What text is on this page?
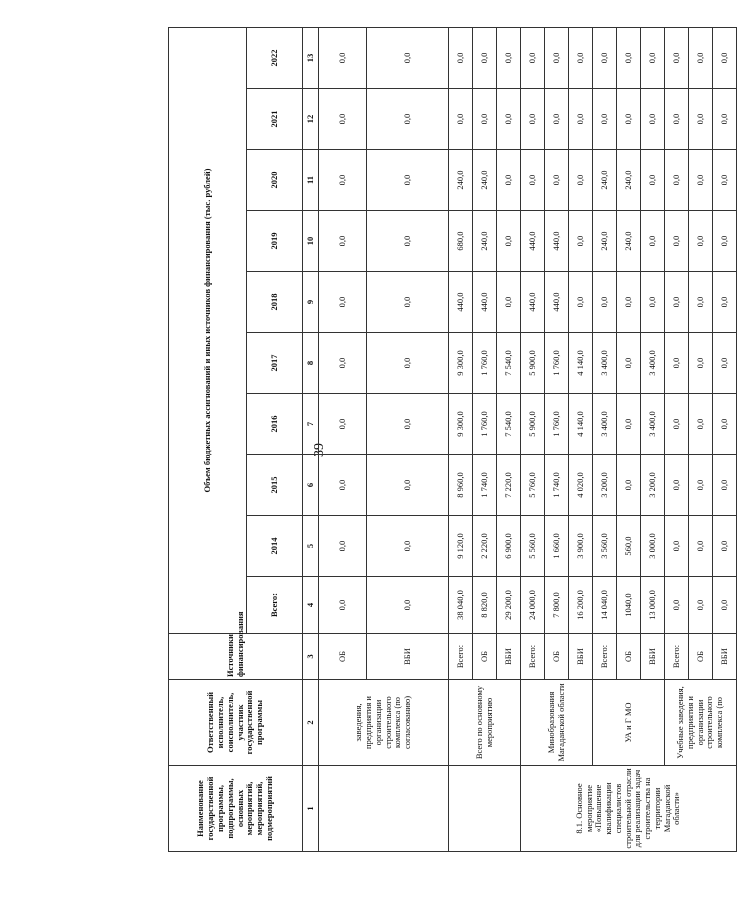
39
Наименование государственной программы, подпрограммы, основных мероприятий, мероприятий, подмероприятий	Ответственный исполнитель, соисполнитель, участник государственной программы	Источники финансирования	Объем бюджетных ассигнований и иных источников финансирования (тыс. рублей)									
			Всего:	2014	2015	2016	2017	2018	2019	2020	2021	2022
1	2	3	4	5	6	7	8	9	10	11	12	13
	заведения, предприятия и организации строительного комплекса (по согласованию)	ОБ	0,0	0,0	0,0	0,0	0,0	0,0	0,0	0,0	0,0	0,0
		ВБИ	0,0	0,0	0,0	0,0	0,0	0,0	0,0	0,0	0,0	0,0
	Всего по основному мероприятию	Всего:	38 040,0	9 120,0	8 960,0	9 300,0	9 300,0	440,0	680,0	240,0	0,0	0,0
		ОБ	8 820,0	2 220,0	1 740,0	1 760,0	1 760,0	440,0	240,0	240,0	0,0	0,0
		ВБИ	29 200,0	6 900,0	7 220,0	7 540,0	7 540,0	0,0	0,0	0,0	0,0	0,0
8.1. Основное мероприятие «Повышение квалификации специалистов строительной отрасли для реализации задач строительства на территории Магаданской области»	Минобразования Магаданской области	Всего:	24 000,0	5 560,0	5 760,0	5 900,0	5 900,0	440,0	440,0	0,0	0,0	0,0
		ОБ	7 800,0	1 660,0	1 740,0	1 760,0	1 760,0	440,0	440,0	0,0	0,0	0,0
		ВБИ	16 200,0	3 900,0	4 020,0	4 140,0	4 140,0	0,0	0,0	0,0	0,0	0,0
	УА и Г МО	Всего:	14 040,0	3 560,0	3 200,0	3 400,0	3 400,0	0,0	240,0	240,0	0,0	0,0
		ОБ	1040,0	560,0	0,0	0,0	0,0	0,0	240,0	240,0	0,0	0,0
		ВБИ	13 000,0	3 000,0	3 200,0	3 400,0	3 400,0	0,0	0,0	0,0	0,0	0,0
	Учебные заведения, предприятия и организации строительного комплекса (по	Всего:	0,0	0,0	0,0	0,0	0,0	0,0	0,0	0,0	0,0	0,0
		ОБ	0,0	0,0	0,0	0,0	0,0	0,0	0,0	0,0	0,0	0,0
		ВБИ	0,0	0,0	0,0	0,0	0,0	0,0	0,0	0,0	0,0	0,0
